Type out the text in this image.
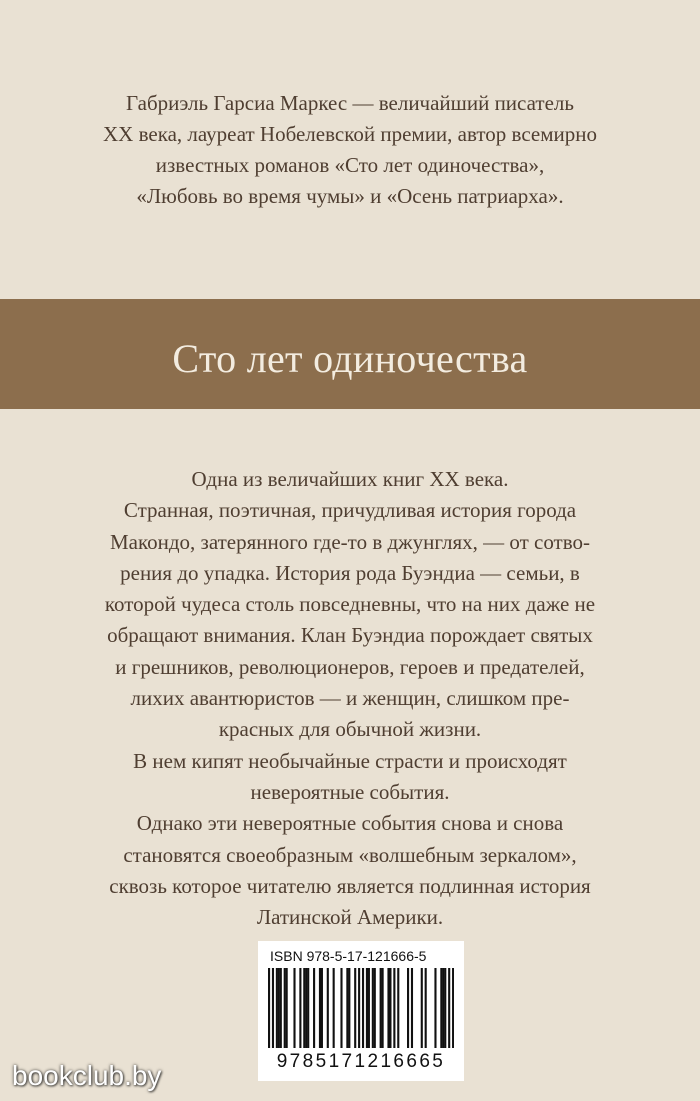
Габриэль Гарсиа Маркес — величайший писатель
XX века, лауреат Нобелевской премии, автор всемирно
известных романов «Сто лет одиночества»,
«Любовь во время чумы» и «Осень патриарха».
Сто лет одиночества
Одна из величайших книг XX века.
Странная, поэтичная, причудливая история города
Макондо, затерянного где-то в джунглях, — от сотво-
рения до упадка. История рода Буэндиа — семьи, в
которой чудеса столь повседневны, что на них даже не
обращают внимания. Клан Буэндиа порождает святых
и грешников, революционеров, героев и предателей,
лихих авантюристов — и женщин, слишком пре-
красных для обычной жизни.
В нем кипят необычайные страсти и происходят
невероятные события.
Однако эти невероятные события снова и снова
становятся своеобразным «волшебным зеркалом»,
сквозь которое читателю является подлинная история
Латинской Америки.
ISBN 978-5-17-121666-5
9785171216665
bookclub.by
